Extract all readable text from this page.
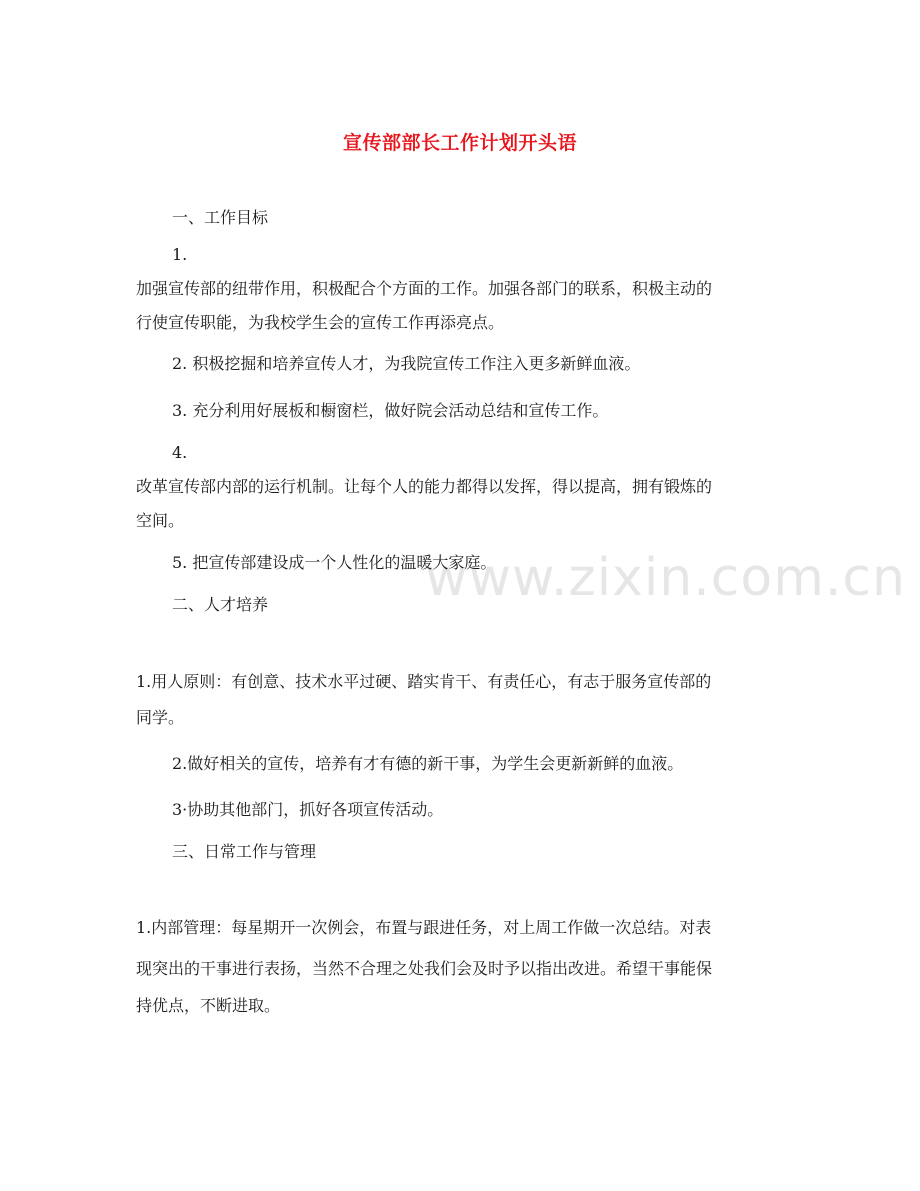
宣传部部长工作计划开头语
www.zixin.com.cn
一、工作目标
1.
加强宣传部的纽带作用，积极配合个方面的工作。加强各部门的联系，积极主动的
行使宣传职能，为我校学生会的宣传工作再添亮点。
2. 积极挖掘和培养宣传人才，为我院宣传工作注入更多新鲜血液。
3. 充分利用好展板和橱窗栏，做好院会活动总结和宣传工作。
4.
改革宣传部内部的运行机制。让每个人的能力都得以发挥，得以提高，拥有锻炼的
空间。
5. 把宣传部建设成一个人性化的温暖大家庭。
二、人才培养
1.用人原则：有创意、技术水平过硬、踏实肯干、有责任心，有志于服务宣传部的
同学。
2.做好相关的宣传，培养有才有德的新干事，为学生会更新新鲜的血液。
3·协助其他部门，抓好各项宣传活动。
三、日常工作与管理
1.内部管理：每星期开一次例会，布置与跟进任务，对上周工作做一次总结。对表
现突出的干事进行表扬，当然不合理之处我们会及时予以指出改进。希望干事能保
持优点，不断进取。
